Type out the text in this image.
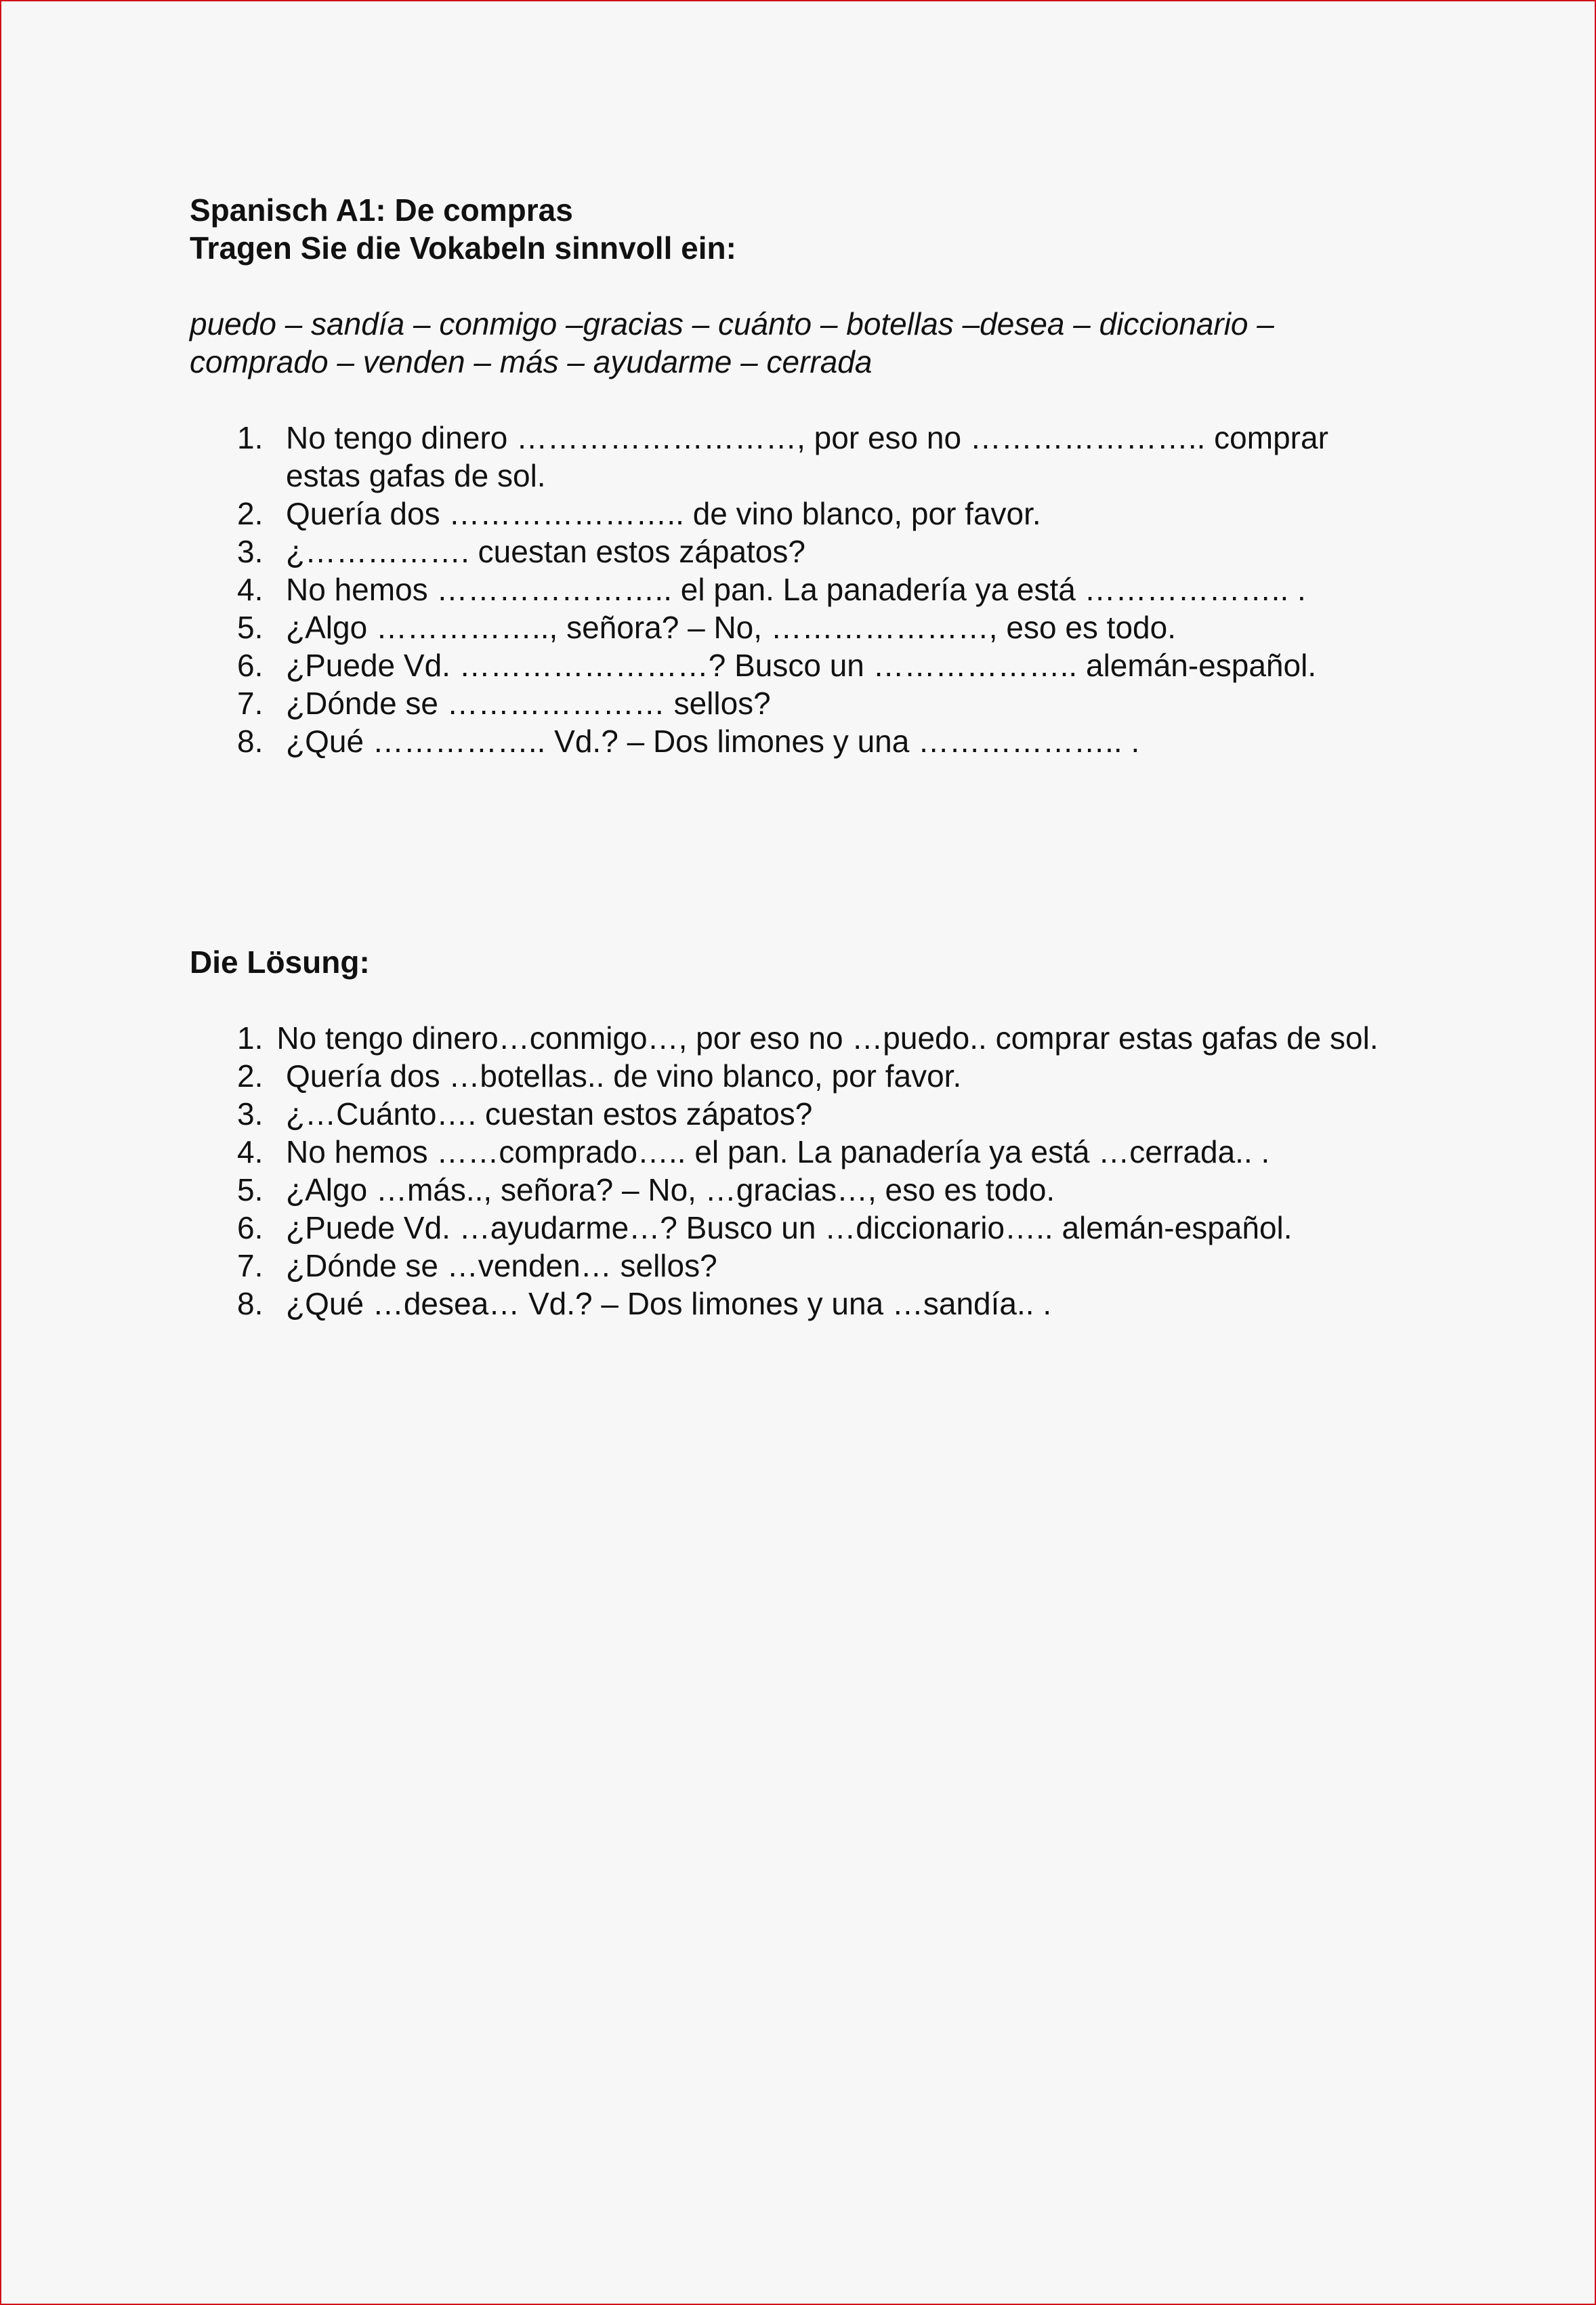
Spanisch A1: De compras

Tragen Sie die Vokabeln sinnvoll ein:

puedo – sandía – conmigo –gracias – cuánto – botellas –desea – diccionario –
comprado – venden – más – ayudarme – cerrada
1. No tengo dinero ………………………, por eso no ………………….. comprar estas gafas de sol.
2. Quería dos ………………….. de vino blanco, por favor.
3. ¿……………. cuestan estos zápatos?
4. No hemos ………………….. el pan. La panadería ya está ……………….. .
5. ¿Algo …………….., señora? – No, …………………, eso es todo.
6. ¿Puede Vd. ……………………? Busco un ……………….. alemán-español.
7. ¿Dónde se ………………… sellos?
8. ¿Qué …………….. Vd.? – Dos limones y una ……………….. .

Die Lösung:

1. No tengo dinero…conmigo…, por eso no …puedo.. comprar estas gafas de sol.
2. Quería dos …botellas.. de vino blanco, por favor.
3. ¿…Cuánto…. cuestan estos zápatos?
4. No hemos ……comprado….. el pan. La panadería ya está …cerrada.. .
5. ¿Algo …más.., señora? – No, …gracias…, eso es todo.
6. ¿Puede Vd. …ayudarme…? Busco un …diccionario….. alemán-español.
7. ¿Dónde se …venden… sellos?
8. ¿Qué …desea… Vd.? – Dos limones y una …sandía.. .
